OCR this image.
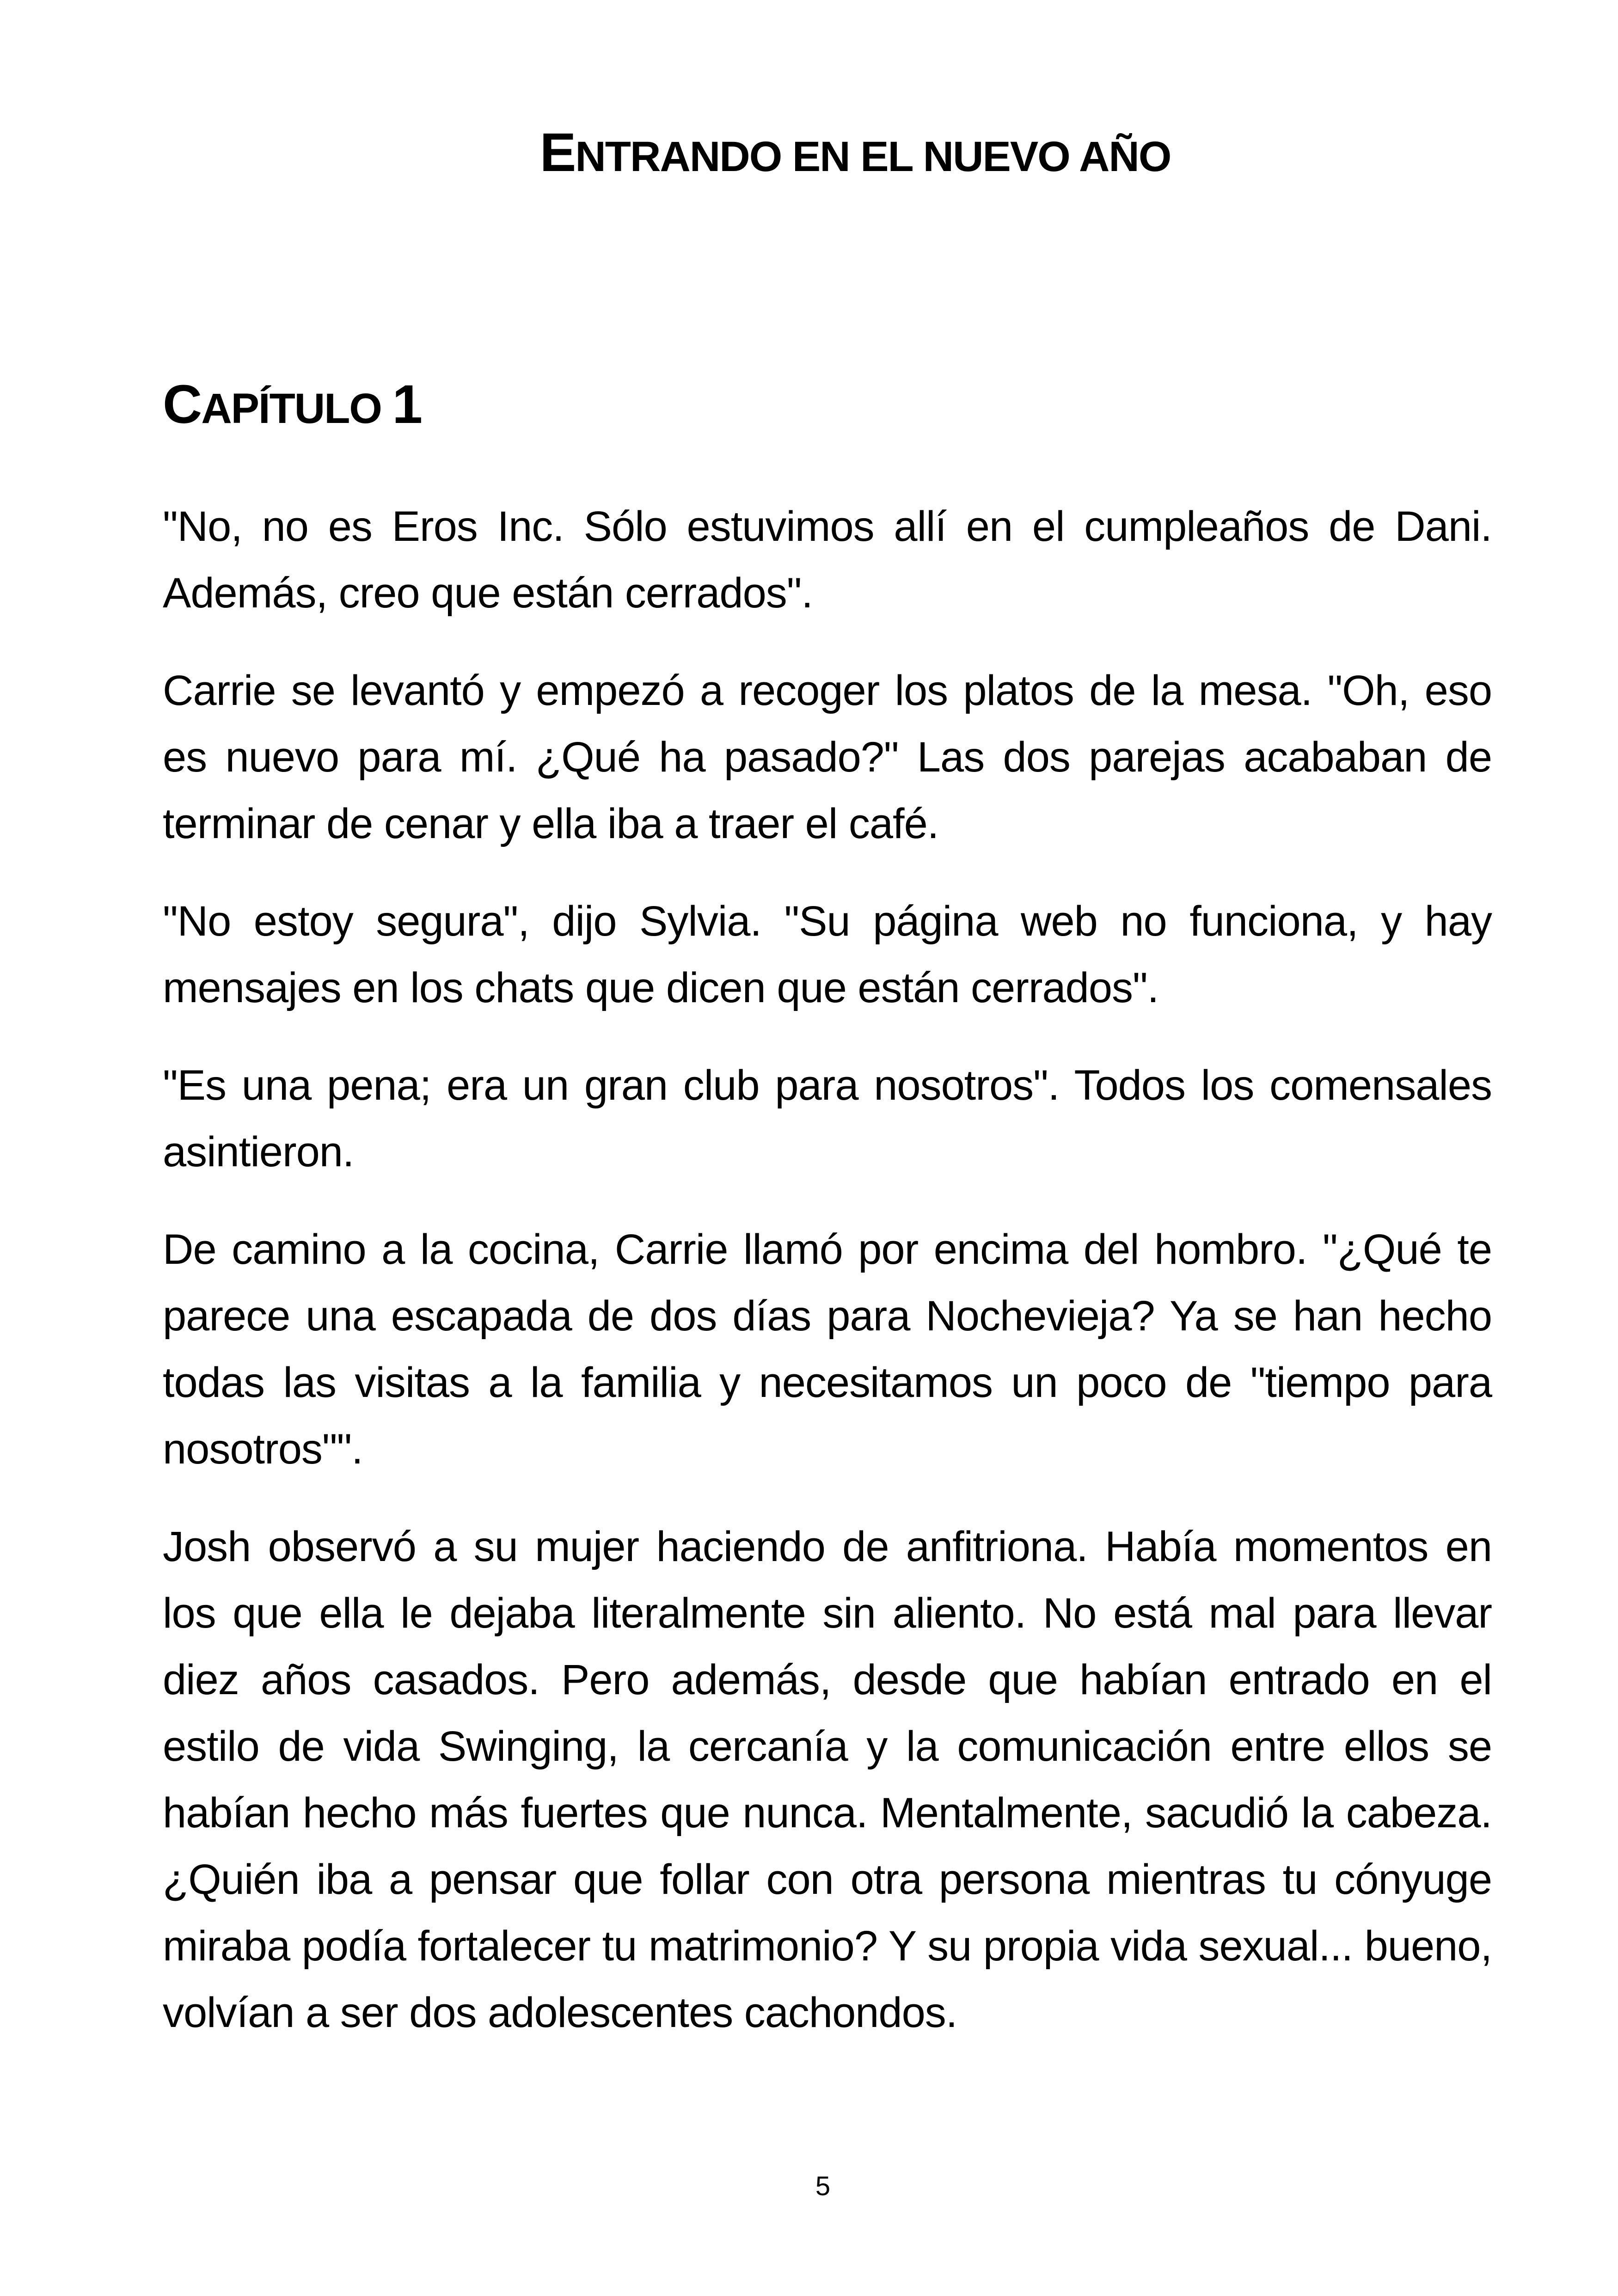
ENTRANDO EN EL NUEVO AÑO
CAPÍTULO 1

"No, no es Eros Inc. Sólo estuvimos allí en el cumpleaños de Dani. Además, creo que están cerrados".

Carrie se levantó y empezó a recoger los platos de la mesa. "Oh, eso es nuevo para mí. ¿Qué ha pasado?" Las dos parejas acababan de terminar de cenar y ella iba a traer el café.

"No estoy segura", dijo Sylvia. "Su página web no funciona, y hay mensajes en los chats que dicen que están cerrados".

"Es una pena; era un gran club para nosotros". Todos los comensales asintieron.

De camino a la cocina, Carrie llamó por encima del hombro. "¿Qué te parece una escapada de dos días para Nochevieja? Ya se han hecho todas las visitas a la familia y necesitamos un poco de "tiempo para nosotros"".

Josh observó a su mujer haciendo de anfitriona. Había momentos en los que ella le dejaba literalmente sin aliento. No está mal para llevar diez años casados. Pero además, desde que habían entrado en el estilo de vida Swinging, la cercanía y la comunicación entre ellos se habían hecho más fuertes que nunca. Mentalmente, sacudió la cabeza. ¿Quién iba a pensar que follar con otra persona mientras tu cónyuge miraba podía fortalecer tu matrimonio? Y su propia vida sexual... bueno, volvían a ser dos adolescentes cachondos.

5
